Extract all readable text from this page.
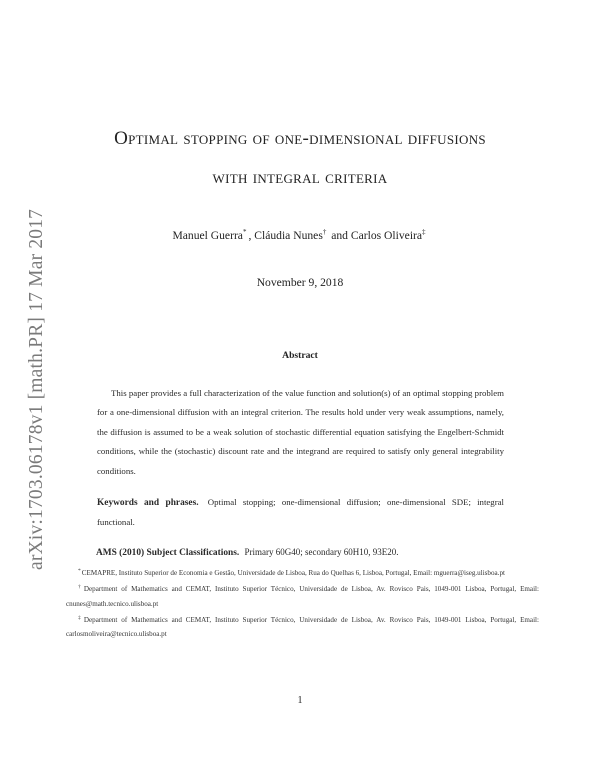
arXiv:1703.06178v1 [math.PR] 17 Mar 2017
Optimal stopping of one-dimensional diffusions
with integral criteria
Manuel Guerra* , Cláudia Nunes† and Carlos Oliveira‡
November 9, 2018
Abstract
This paper provides a full characterization of the value function and solution(s) of an optimal stopping problem for a one-dimensional diffusion with an integral criterion. The results hold under very weak assumptions, namely, the diffusion is assumed to be a weak solution of stochastic differential equation satisfying the Engelbert-Schmidt conditions, while the (stochastic) discount rate and the integrand are required to satisfy only general integrability conditions.
Keywords and phrases. Optimal stopping; one-dimensional diffusion; one-dimensional SDE; integral functional.
AMS (2010) Subject Classifications. Primary 60G40; secondary 60H10, 93E20.

*CEMAPRE, Instituto Superior de Economia e Gestão, Universidade de Lisboa, Rua do Quelhas 6, Lisboa, Portugal, Email: mguerra@iseg.ulisboa.pt

†Department of Mathematics and CEMAT, Instituto Superior Técnico, Universidade de Lisboa, Av. Rovisco Pais, 1049-001 Lisboa, Portugal, Email: cnunes@math.tecnico.ulisboa.pt

‡Department of Mathematics and CEMAT, Instituto Superior Técnico, Universidade de Lisboa, Av. Rovisco Pais, 1049-001 Lisboa, Portugal, Email: carlosmoliveira@tecnico.ulisboa.pt

1
